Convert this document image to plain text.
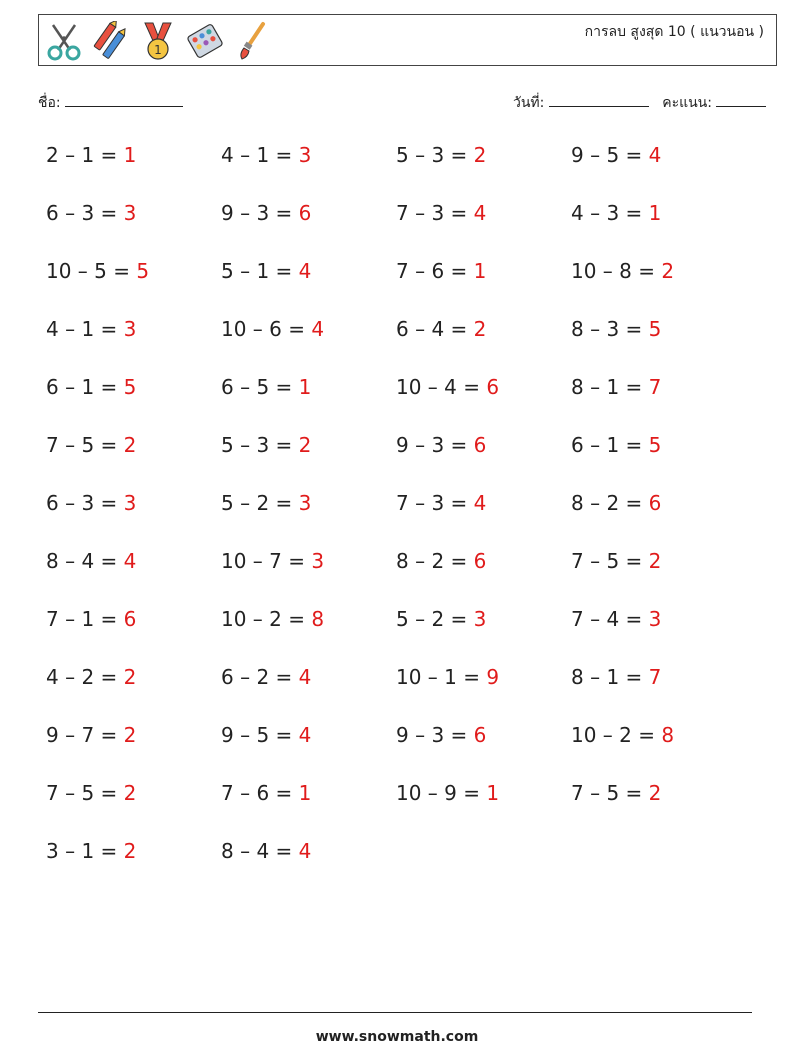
1
การลบ สูงสุด 10 ( แนวนอน )
ชื่อ:	วันที่:	คะแนน:
2 – 1 = 1	4 – 1 = 3	5 – 3 = 2	9 – 5 = 4
6 – 3 = 3	9 – 3 = 6	7 – 3 = 4	4 – 3 = 1
10 – 5 = 5	5 – 1 = 4	7 – 6 = 1	10 – 8 = 2
4 – 1 = 3	10 – 6 = 4	6 – 4 = 2	8 – 3 = 5
6 – 1 = 5	6 – 5 = 1	10 – 4 = 6	8 – 1 = 7
7 – 5 = 2	5 – 3 = 2	9 – 3 = 6	6 – 1 = 5
6 – 3 = 3	5 – 2 = 3	7 – 3 = 4	8 – 2 = 6
8 – 4 = 4	10 – 7 = 3	8 – 2 = 6	7 – 5 = 2
7 – 1 = 6	10 – 2 = 8	5 – 2 = 3	7 – 4 = 3
4 – 2 = 2	6 – 2 = 4	10 – 1 = 9	8 – 1 = 7
9 – 7 = 2	9 – 5 = 4	9 – 3 = 6	10 – 2 = 8
7 – 5 = 2	7 – 6 = 1	10 – 9 = 1	7 – 5 = 2
3 – 1 = 2	8 – 4 = 4
www.snowmath.com
